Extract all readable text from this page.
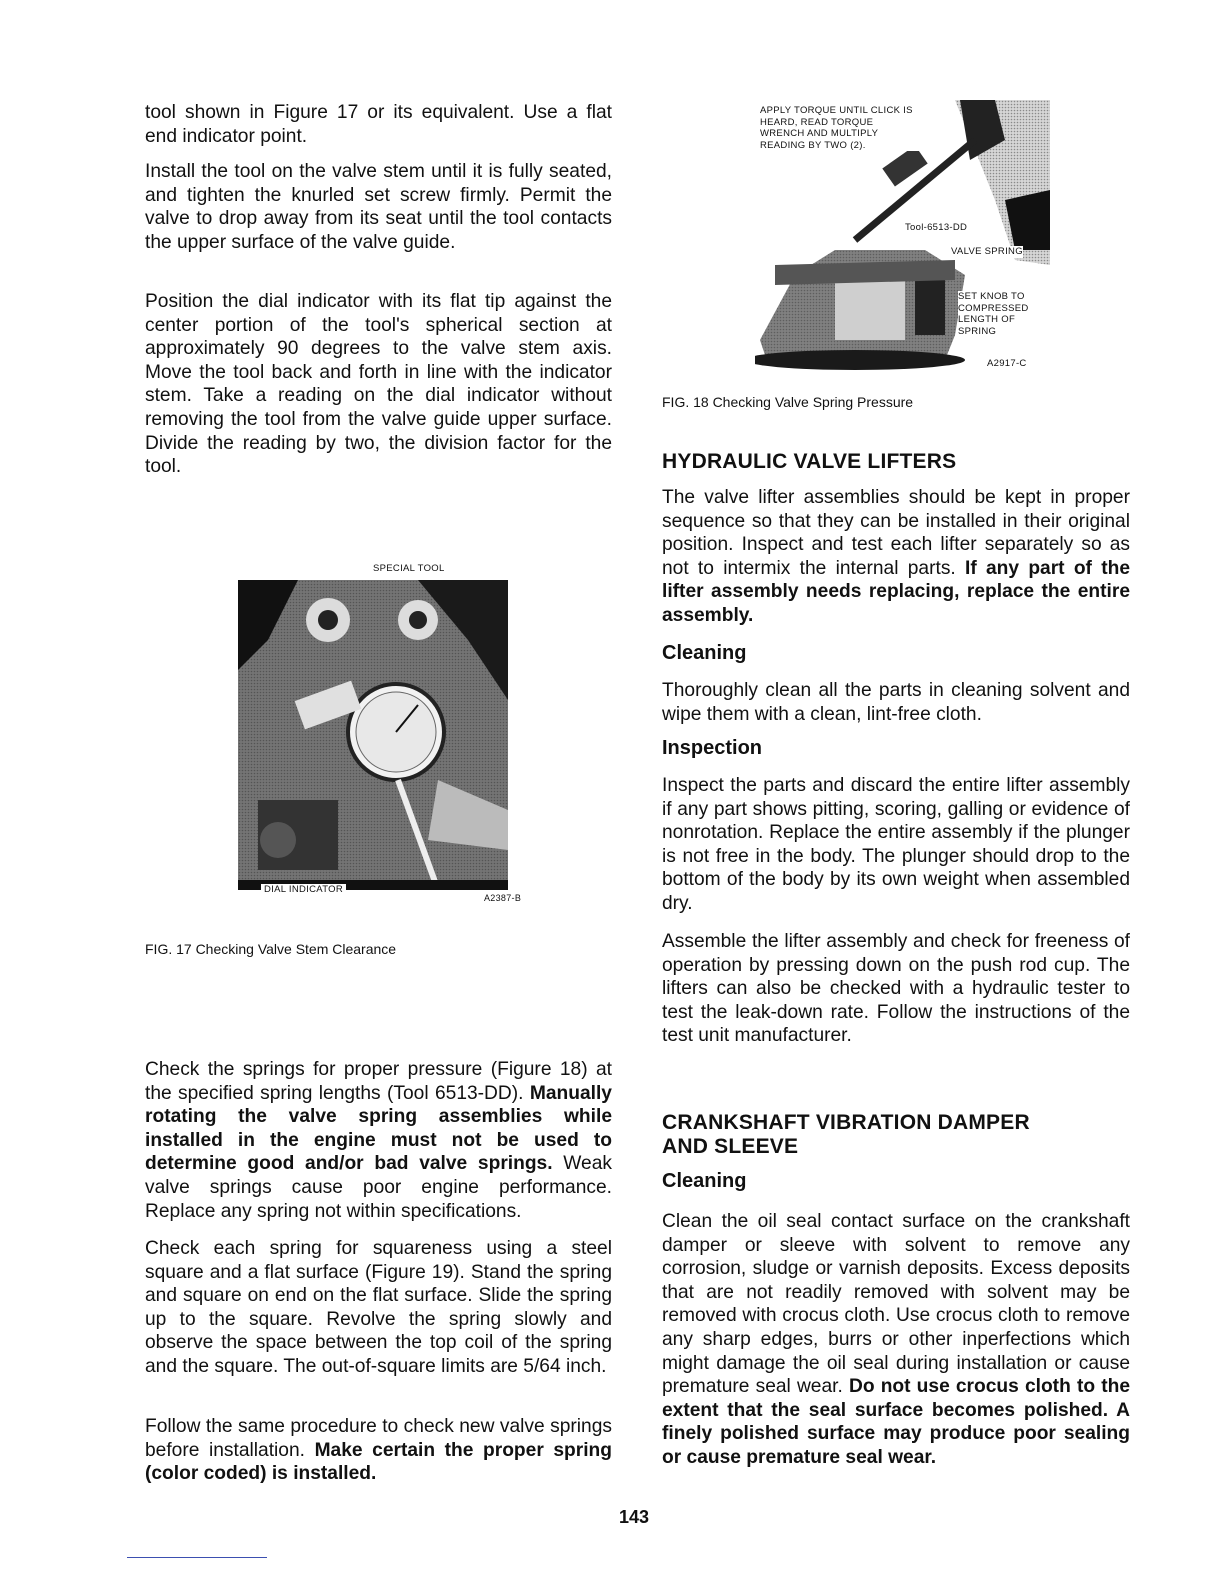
tool shown in Figure 17 or its equivalent. Use a flat end indicator point.

Install the tool on the valve stem until it is fully seated, and tighten the knurled set screw firmly. Permit the valve to drop away from its seat until the tool contacts the upper surface of the valve guide.

Position the dial indicator with its flat tip against the center portion of the tool's spherical section at approximately 90 degrees to the valve stem axis. Move the tool back and forth in line with the indicator stem. Take a reading on the dial indicator without removing the tool from the valve guide upper surface. Divide the reading by two, the division factor for the tool.

SPECIAL TOOL
DIAL INDICATOR
A2387-B

FIG. 17 Checking Valve Stem Clearance

Check the springs for proper pressure (Figure 18) at the specified spring lengths (Tool 6513-DD). Manually rotating the valve spring assemblies while installed in the engine must not be used to determine good and/or bad valve springs. Weak valve springs cause poor engine performance. Replace any spring not within specifications.

Check each spring for squareness using a steel square and a flat surface (Figure 19). Stand the spring and square on end on the flat surface. Slide the spring up to the square. Revolve the spring slowly and observe the space between the top coil of the spring and the square. The out-of-square limits are 5/64 inch.

Follow the same procedure to check new valve springs before installation. Make certain the proper spring (color coded) is installed.

APPLY TORQUE UNTIL CLICK IS HEARD, READ TORQUE WRENCH AND MULTIPLY READING BY TWO (2).
Tool-6513-DD
VALVE SPRING
SET KNOB TO COMPRESSED LENGTH OF SPRING
A2917-C

FIG. 18 Checking Valve Spring Pressure

HYDRAULIC VALVE LIFTERS

The valve lifter assemblies should be kept in proper sequence so that they can be installed in their original position. Inspect and test each lifter separately so as not to intermix the internal parts. If any part of the lifter assembly needs replacing, replace the entire assembly.

Cleaning

Thoroughly clean all the parts in cleaning solvent and wipe them with a clean, lint-free cloth.

Inspection

Inspect the parts and discard the entire lifter assembly if any part shows pitting, scoring, galling or evidence of nonrotation. Replace the entire assembly if the plunger is not free in the body. The plunger should drop to the bottom of the body by its own weight when assembled dry.

Assemble the lifter assembly and check for freeness of operation by pressing down on the push rod cup. The lifters can also be checked with a hydraulic tester to test the leak-down rate. Follow the instructions of the test unit manufacturer.

CRANKSHAFT VIBRATION DAMPER
AND SLEEVE
Cleaning

Clean the oil seal contact surface on the crankshaft damper or sleeve with solvent to remove any corrosion, sludge or varnish deposits. Excess deposits that are not readily removed with solvent may be removed with crocus cloth. Use crocus cloth to remove any sharp edges, burrs or other inperfections which might damage the oil seal during installation or cause premature seal wear. Do not use crocus cloth to the extent that the seal surface becomes polished. A finely polished surface may produce poor sealing or cause premature seal wear.

143
